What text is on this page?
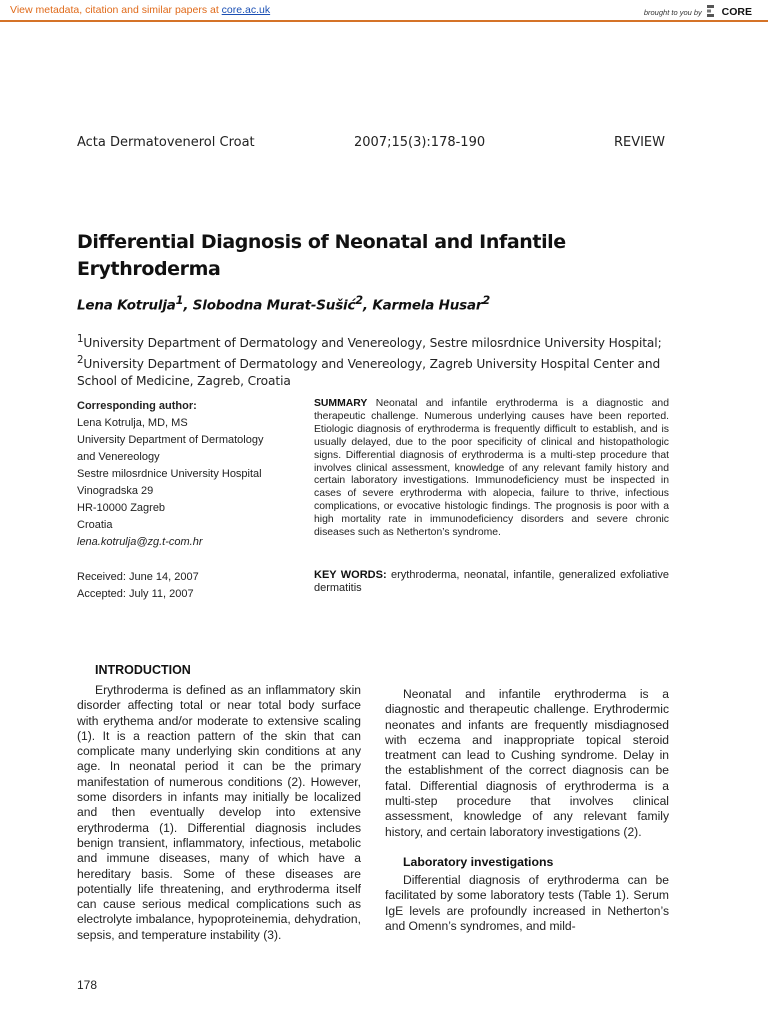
View metadata, citation and similar papers at core.ac.uk	brought to you by CORE
Acta Dermatovenerol Croat	2007;15(3):178-190	REVIEW
Differential Diagnosis of Neonatal and Infantile Erythroderma
Lena Kotrulja$^1$, Slobodna Murat-Sušić$^2$, Karmela Husar$^2$
$^1$University Department of Dermatology and Venereology, Sestre milosrdnice University Hospital; $^2$University Department of Dermatology and Venereology, Zagreb University Hospital Center and School of Medicine, Zagreb, Croatia
Corresponding author:
Lena Kotrulja, MD, MS
University Department of Dermatology
and Venereology
Sestre milosrdnice University Hospital
Vinogradska 29
HR-10000 Zagreb
Croatia
lena.kotrulja@zg.t-com.hr
Received: June 14, 2007
Accepted: July 11, 2007
SUMMARY Neonatal and infantile erythroderma is a diagnostic and therapeutic challenge. Numerous underlying causes have been reported. Etiologic diagnosis of erythroderma is frequently difficult to establish, and is usually delayed, due to the poor specificity of clinical and histopathologic signs. Differential diagnosis of erythroderma is a multi-step procedure that involves clinical assessment, knowledge of any relevant family history and certain laboratory investigations. Immunodeficiency must be inspected in cases of severe erythroderma with alopecia, failure to thrive, infectious complications, or evocative histologic findings. The prognosis is poor with a high mortality rate in immunodeficiency disorders and severe chronic diseases such as Netherton’s syndrome.
KEY WORDS: erythroderma, neonatal, infantile, generalized exfoliative dermatitis
INTRODUCTION

Erythroderma is defined as an inflammatory skin disorder affecting total or near total body surface with erythema and/or moderate to extensive scaling (1). It is a reaction pattern of the skin that can complicate many underlying skin conditions at any age. In neonatal period it can be the primary manifestation of numerous conditions (2). However, some disorders in infants may initially be localized and then eventually develop into extensive erythroderma (1). Differential diagnosis includes benign transient, inflammatory, infectious, metabolic and immune diseases, many of which have a hereditary basis. Some of these diseases are potentially life threatening, and erythroderma itself can cause serious medical complications such as electrolyte imbalance, hypoproteinemia, dehydration, sepsis, and temperature instability (3).

Neonatal and infantile erythroderma is a diagnostic and therapeutic challenge. Erythrodermic neonates and infants are frequently misdiagnosed with eczema and inappropriate topical steroid treatment can lead to Cushing syndrome. Delay in the establishment of the correct diagnosis can be fatal. Differential diagnosis of erythroderma is a multi-step procedure that involves clinical assessment, knowledge of any relevant family history, and certain laboratory investigations (2).

Laboratory investigations

Differential diagnosis of erythroderma can be facilitated by some laboratory tests (Table 1). Serum IgE levels are profoundly increased in Netherton’s and Omenn’s syndromes, and mild-

178
